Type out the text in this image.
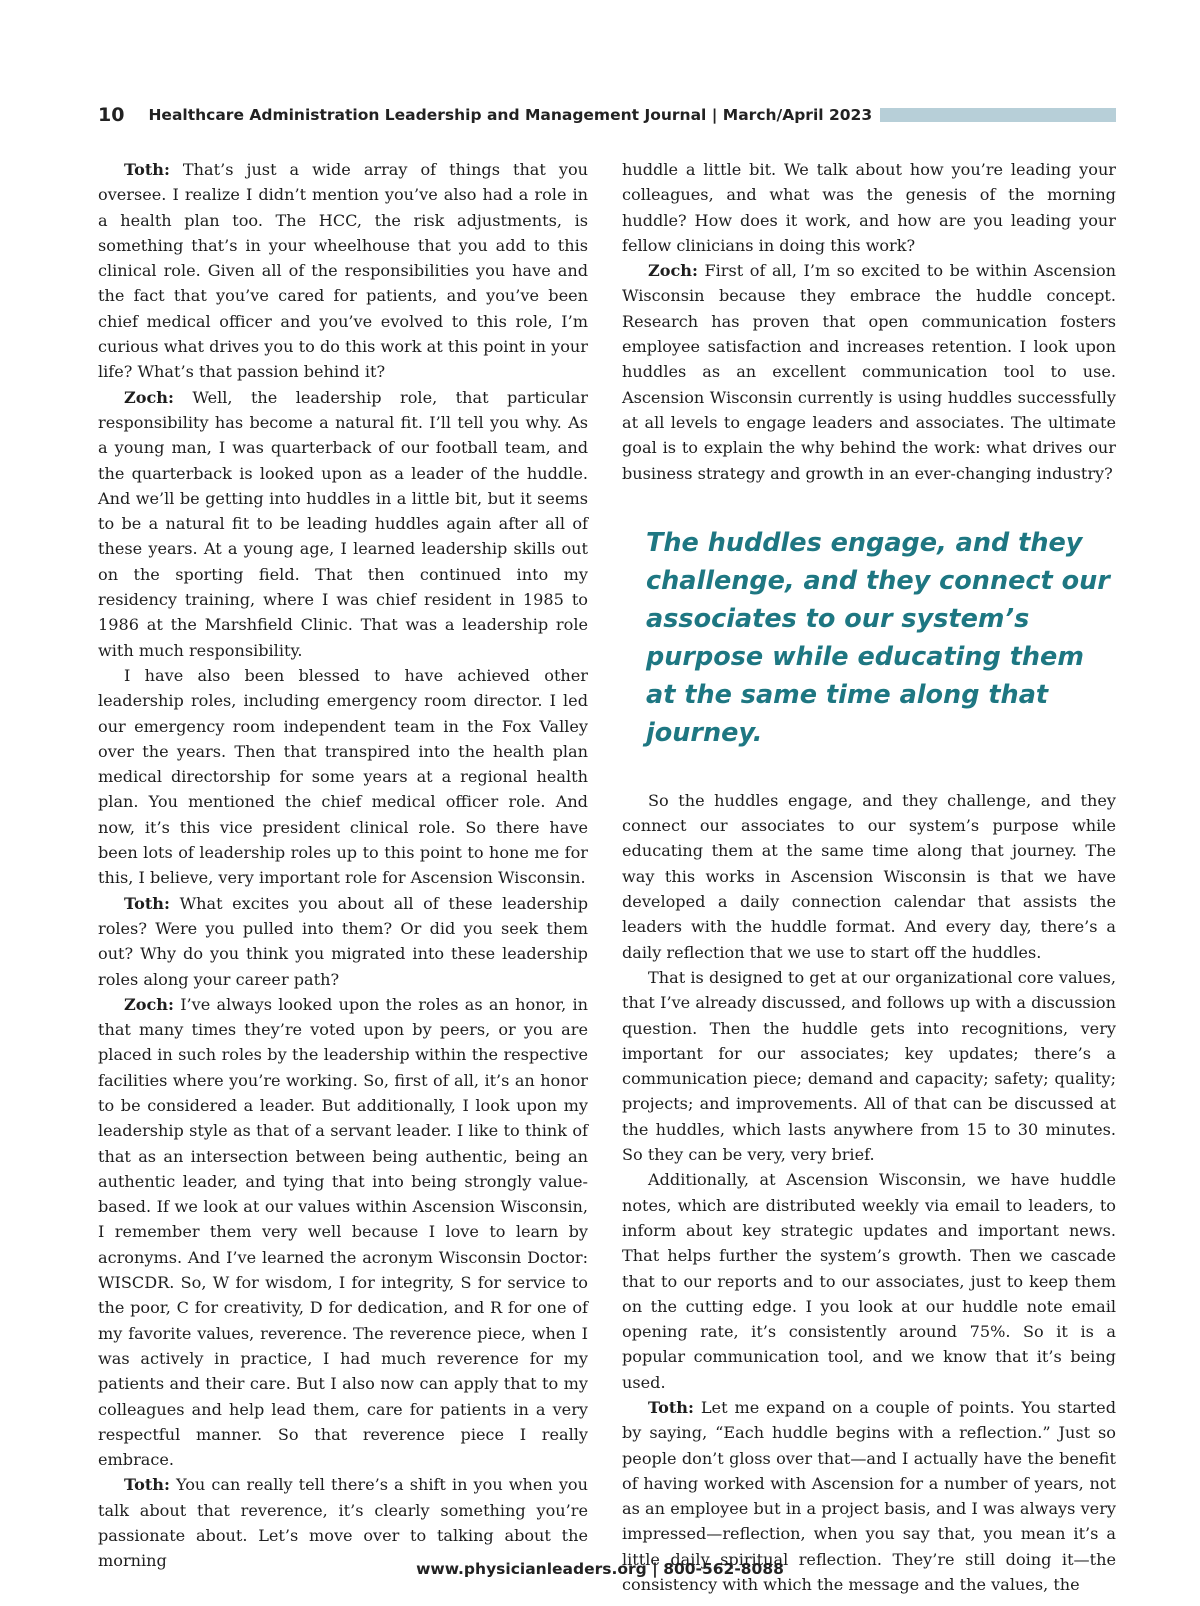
10 Healthcare Administration Leadership and Management Journal | March/April 2023

Toth: That’s just a wide array of things that you oversee. I realize I didn’t mention you’ve also had a role in a health plan too. The HCC, the risk adjustments, is something that’s in your wheelhouse that you add to this clinical role. Given all of the responsibilities you have and the fact that you’ve cared for patients, and you’ve been chief medical officer and you’ve evolved to this role, I’m curious what drives you to do this work at this point in your life? What’s that passion behind it?

Zoch: Well, the leadership role, that particular responsibility has become a natural fit. I’ll tell you why. As a young man, I was quarterback of our football team, and the quarterback is looked upon as a leader of the huddle. And we’ll be getting into huddles in a little bit, but it seems to be a natural fit to be leading huddles again after all of these years. At a young age, I learned leadership skills out on the sporting field. That then continued into my residency training, where I was chief resident in 1985 to 1986 at the Marshfield Clinic. That was a leadership role with much responsibility.

I have also been blessed to have achieved other leadership roles, including emergency room director. I led our emergency room independent team in the Fox Valley over the years. Then that transpired into the health plan medical directorship for some years at a regional health plan. You mentioned the chief medical officer role. And now, it’s this vice president clinical role. So there have been lots of leadership roles up to this point to hone me for this, I believe, very important role for Ascension Wisconsin.

Toth: What excites you about all of these leadership roles? Were you pulled into them? Or did you seek them out? Why do you think you migrated into these leadership roles along your career path?

Zoch: I’ve always looked upon the roles as an honor, in that many times they’re voted upon by peers, or you are placed in such roles by the leadership within the respective facilities where you’re working. So, first of all, it’s an honor to be considered a leader. But additionally, I look upon my leadership style as that of a servant leader. I like to think of that as an intersection between being authentic, being an authentic leader, and tying that into being strongly value-based. If we look at our values within Ascension Wisconsin, I remember them very well because I love to learn by acronyms. And I’ve learned the acronym Wisconsin Doctor: WISCDR. So, W for wisdom, I for integrity, S for service to the poor, C for creativity, D for dedication, and R for one of my favorite values, reverence. The reverence piece, when I was actively in practice, I had much reverence for my patients and their care. But I also now can apply that to my colleagues and help lead them, care for patients in a very respectful manner. So that reverence piece I really embrace.

Toth: You can really tell there’s a shift in you when you talk about that reverence, it’s clearly something you’re passionate about. Let’s move over to talking about the morning

huddle a little bit. We talk about how you’re leading your colleagues, and what was the genesis of the morning huddle? How does it work, and how are you leading your fellow clinicians in doing this work?

Zoch: First of all, I’m so excited to be within Ascension Wisconsin because they embrace the huddle concept. Research has proven that open communication fosters employee satisfaction and increases retention. I look upon huddles as an excellent communication tool to use. Ascension Wisconsin currently is using huddles successfully at all levels to engage leaders and associates. The ultimate goal is to explain the why behind the work: what drives our business strategy and growth in an ever-changing industry?

The huddles engage, and they challenge, and they connect our associates to our system’s purpose while educating them at the same time along that journey.

So the huddles engage, and they challenge, and they connect our associates to our system’s purpose while educating them at the same time along that journey. The way this works in Ascension Wisconsin is that we have developed a daily connection calendar that assists the leaders with the huddle format. And every day, there’s a daily reflection that we use to start off the huddles.

That is designed to get at our organizational core values, that I’ve already discussed, and follows up with a discussion question. Then the huddle gets into recognitions, very important for our associates; key updates; there’s a communication piece; demand and capacity; safety; quality; projects; and improvements. All of that can be discussed at the huddles, which lasts anywhere from 15 to 30 minutes. So they can be very, very brief.

Additionally, at Ascension Wisconsin, we have huddle notes, which are distributed weekly via email to leaders, to inform about key strategic updates and important news. That helps further the system’s growth. Then we cascade that to our reports and to our associates, just to keep them on the cutting edge. I you look at our huddle note email opening rate, it’s consistently around 75%. So it is a popular communication tool, and we know that it’s being used.

Toth: Let me expand on a couple of points. You started by saying, “Each huddle begins with a reflection.” Just so people don’t gloss over that—and I actually have the benefit of having worked with Ascension for a number of years, not as an employee but in a project basis, and I was always very impressed—reflection, when you say that, you mean it’s a little daily spiritual reflection. They’re still doing it—the consistency with which the message and the values, the

www.physicianleaders.org | 800-562-8088
